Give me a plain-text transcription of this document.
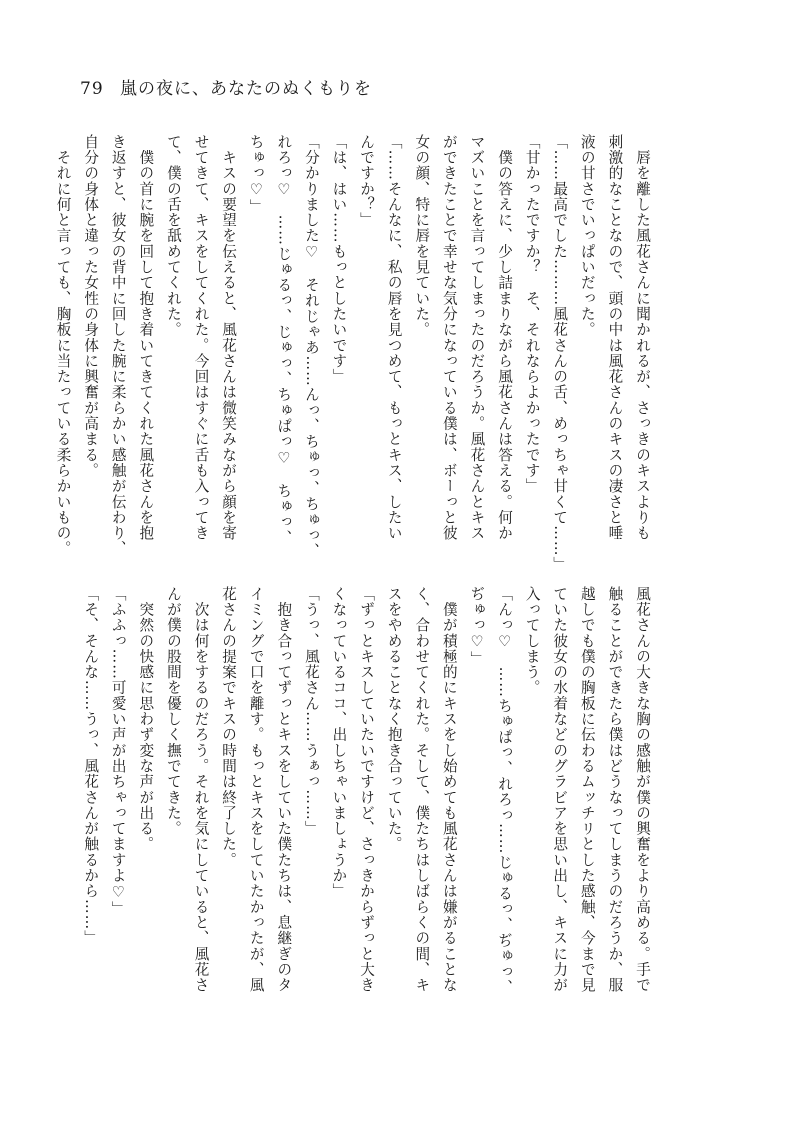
79 嵐の夜に、あなたのぬくもりを
　唇を離した風花さんに聞かれるが、さっきのキスよりも
刺激的なことなので、頭の中は風花さんのキスの凄さと唾
液の甘さでいっぱいだった。
「……最高でした………風花さんの舌、めっちゃ甘くて……」
「甘かったですか？　そ、それならよかったです」
　僕の答えに、少し詰まりながら風花さんは答える。何か
マズいことを言ってしまったのだろうか。風花さんとキス
ができたことで幸せな気分になっている僕は、ボーっと彼
女の顔、特に唇を見ていた。
「……そんなに、私の唇を見つめて、もっとキス、したい
んですか？」
「は、はい……もっとしたいです」
「分かりました♡　それじゃあ……んっ、ちゅっ、ちゅっ、
れろっ♡　……じゅるっ、じゅっ、ちゅぱっ♡　ちゅっ、
ちゅっ♡」
　キスの要望を伝えると、風花さんは微笑みながら顔を寄
せてきて、キスをしてくれた。今回はすぐに舌も入ってき
て、僕の舌を舐めてくれた。
　僕の首に腕を回して抱き着いてきてくれた風花さんを抱
き返すと、彼女の背中に回した腕に柔らかい感触が伝わり、
自分の身体と違った女性の身体に興奮が高まる。
　それに何と言っても、胸板に当たっている柔らかいもの。
風花さんの大きな胸の感触が僕の興奮をより高める。手で
触ることができたら僕はどうなってしまうのだろうか、服
越しでも僕の胸板に伝わるムッチリとした感触、今まで見
ていた彼女の水着などのグラビアを思い出し、キスに力が
入ってしまう。
「んっ♡　……ちゅぱっ、れろっ……じゅるっ、ぢゅっ、
ぢゅっ♡」
　僕が積極的にキスをし始めても風花さんは嫌がることな
く、合わせてくれた。そして、僕たちはしばらくの間、キ
スをやめることなく抱き合っていた。
「ずっとキスしていたいですけど、さっきからずっと大き
くなっているココ、出しちゃいましょうか」
「うっ、風花さん……うぁっ……」
　抱き合ってずっとキスをしていた僕たちは、息継ぎのタ
イミングで口を離す。もっとキスをしていたかったが、風
花さんの提案でキスの時間は終了した。
　次は何をするのだろう。それを気にしていると、風花さ
んが僕の股間を優しく撫でてきた。
　突然の快感に思わず変な声が出る。
「ふふっ……可愛い声が出ちゃってますよ♡」
「そ、そんな……うっ、風花さんが触るから……」
